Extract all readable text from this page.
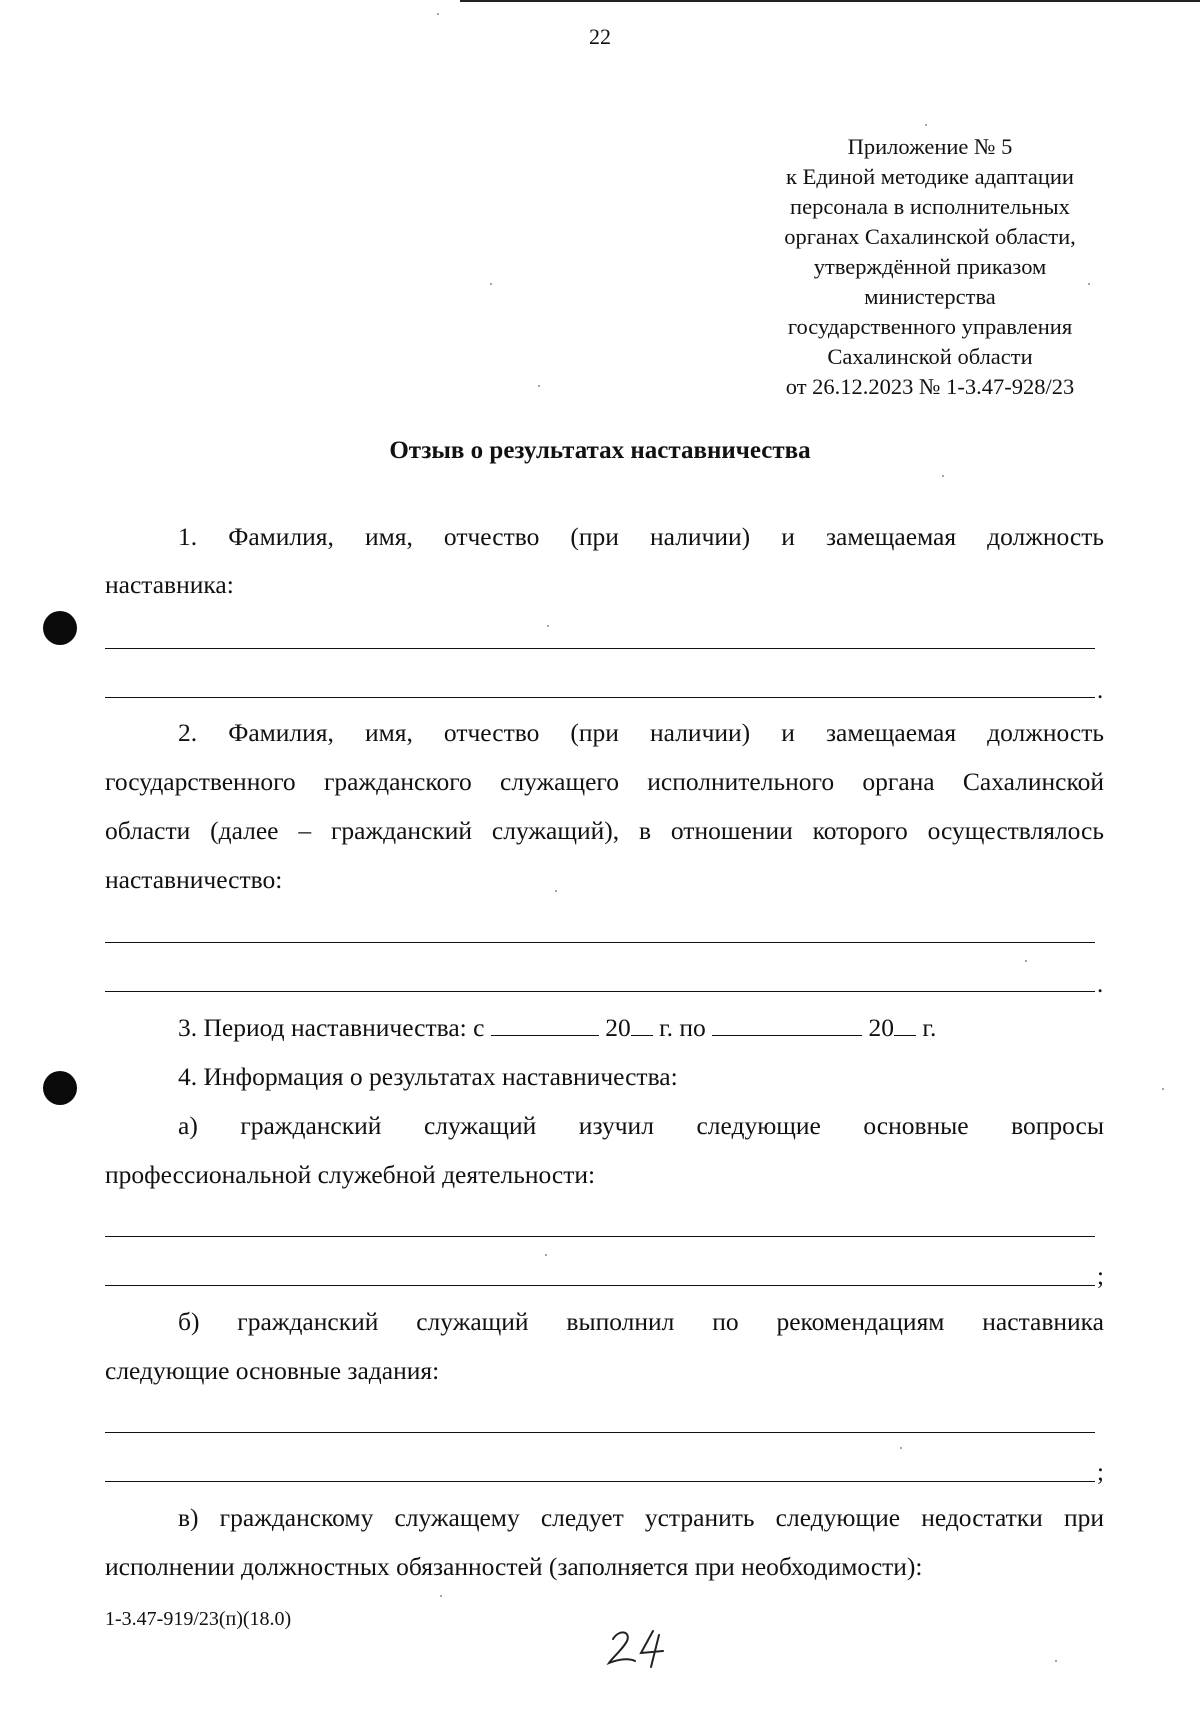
22
Приложение № 5
к Единой методике адаптации
персонала в исполнительных
органах Сахалинской области,
утверждённой приказом
министерства
государственного управления
Сахалинской области
от 26.12.2023 № 1-3.47-928/23
Отзыв о результатах наставничества
1. Фамилия, имя, отчество (при наличии) и замещаемая должность
наставника:
.
2. Фамилия, имя, отчество (при наличии) и замещаемая должность
государственного гражданского служащего исполнительного органа Сахалинской
области (далее – гражданский служащий), в отношении которого осуществлялось
наставничество:
.
3. Период наставничества: с	20 г. по	20 г.
4. Информация о результатах наставничества:
а) гражданский служащий изучил следующие основные вопросы
профессиональной служебной деятельности:
;
б) гражданский служащий выполнил по рекомендациям наставника
следующие основные задания:
;
в) гражданскому служащему следует устранить следующие недостатки при
исполнении должностных обязанностей (заполняется при необходимости):
1-3.47-919/23(п)(18.0)
